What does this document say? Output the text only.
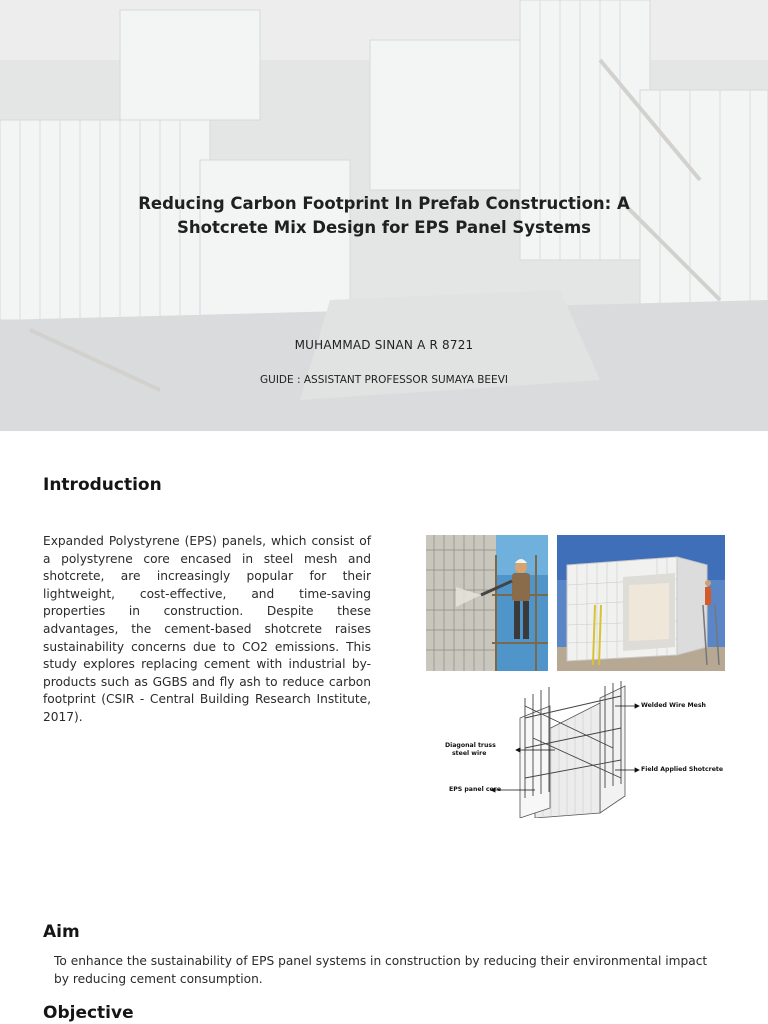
Reducing Carbon Footprint In Prefab Construction: A
Shotcrete Mix Design for EPS Panel Systems
MUHAMMAD SINAN A R 8721
GUIDE : ASSISTANT PROFESSOR SUMAYA BEEVI
Introduction

Expanded Polystyrene (EPS) panels, which consist of a polystyrene core encased in steel mesh and shotcrete, are increasingly popular for their lightweight, cost-effective, and time-saving properties in construction. Despite these advantages, the cement-based shotcrete raises sustainability concerns due to CO2 emissions. This study explores replacing cement with industrial by-products such as GGBS and fly ash to reduce carbon footprint (CSIR - Central Building Research Institute, 2017).

Welded Wire Mesh
Diagonal truss
steel wire
Field Applied Shotcrete
EPS panel core
Aim

To enhance the sustainability of EPS panel systems in construction by reducing their environmental impact by reducing cement consumption.

Objective
